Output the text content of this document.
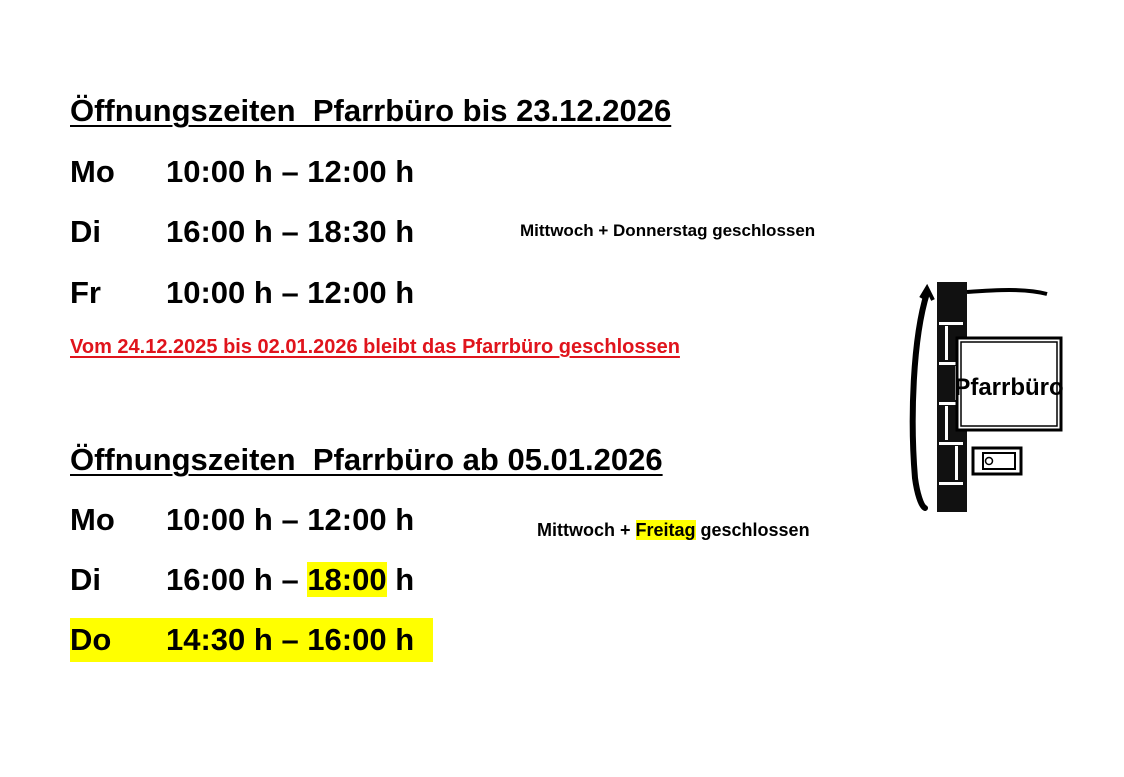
Öffnungszeiten  Pfarrbüro bis 23.12.2026
Mo 10:00 h – 12:00 h
Di 16:00 h – 18:30 h	Mittwoch + Donnerstag geschlossen
Fr 10:00 h – 12:00 h
Vom 24.12.2025 bis 02.01.2026 bleibt das Pfarrbüro geschlossen
Öffnungszeiten  Pfarrbüro ab 05.01.2026
Mo 10:00 h – 12:00 h	Mittwoch + Freitag geschlossen
Di 16:00 h – 18:00 h
Do 14:30 h – 16:00 h
Pfarrbüro
